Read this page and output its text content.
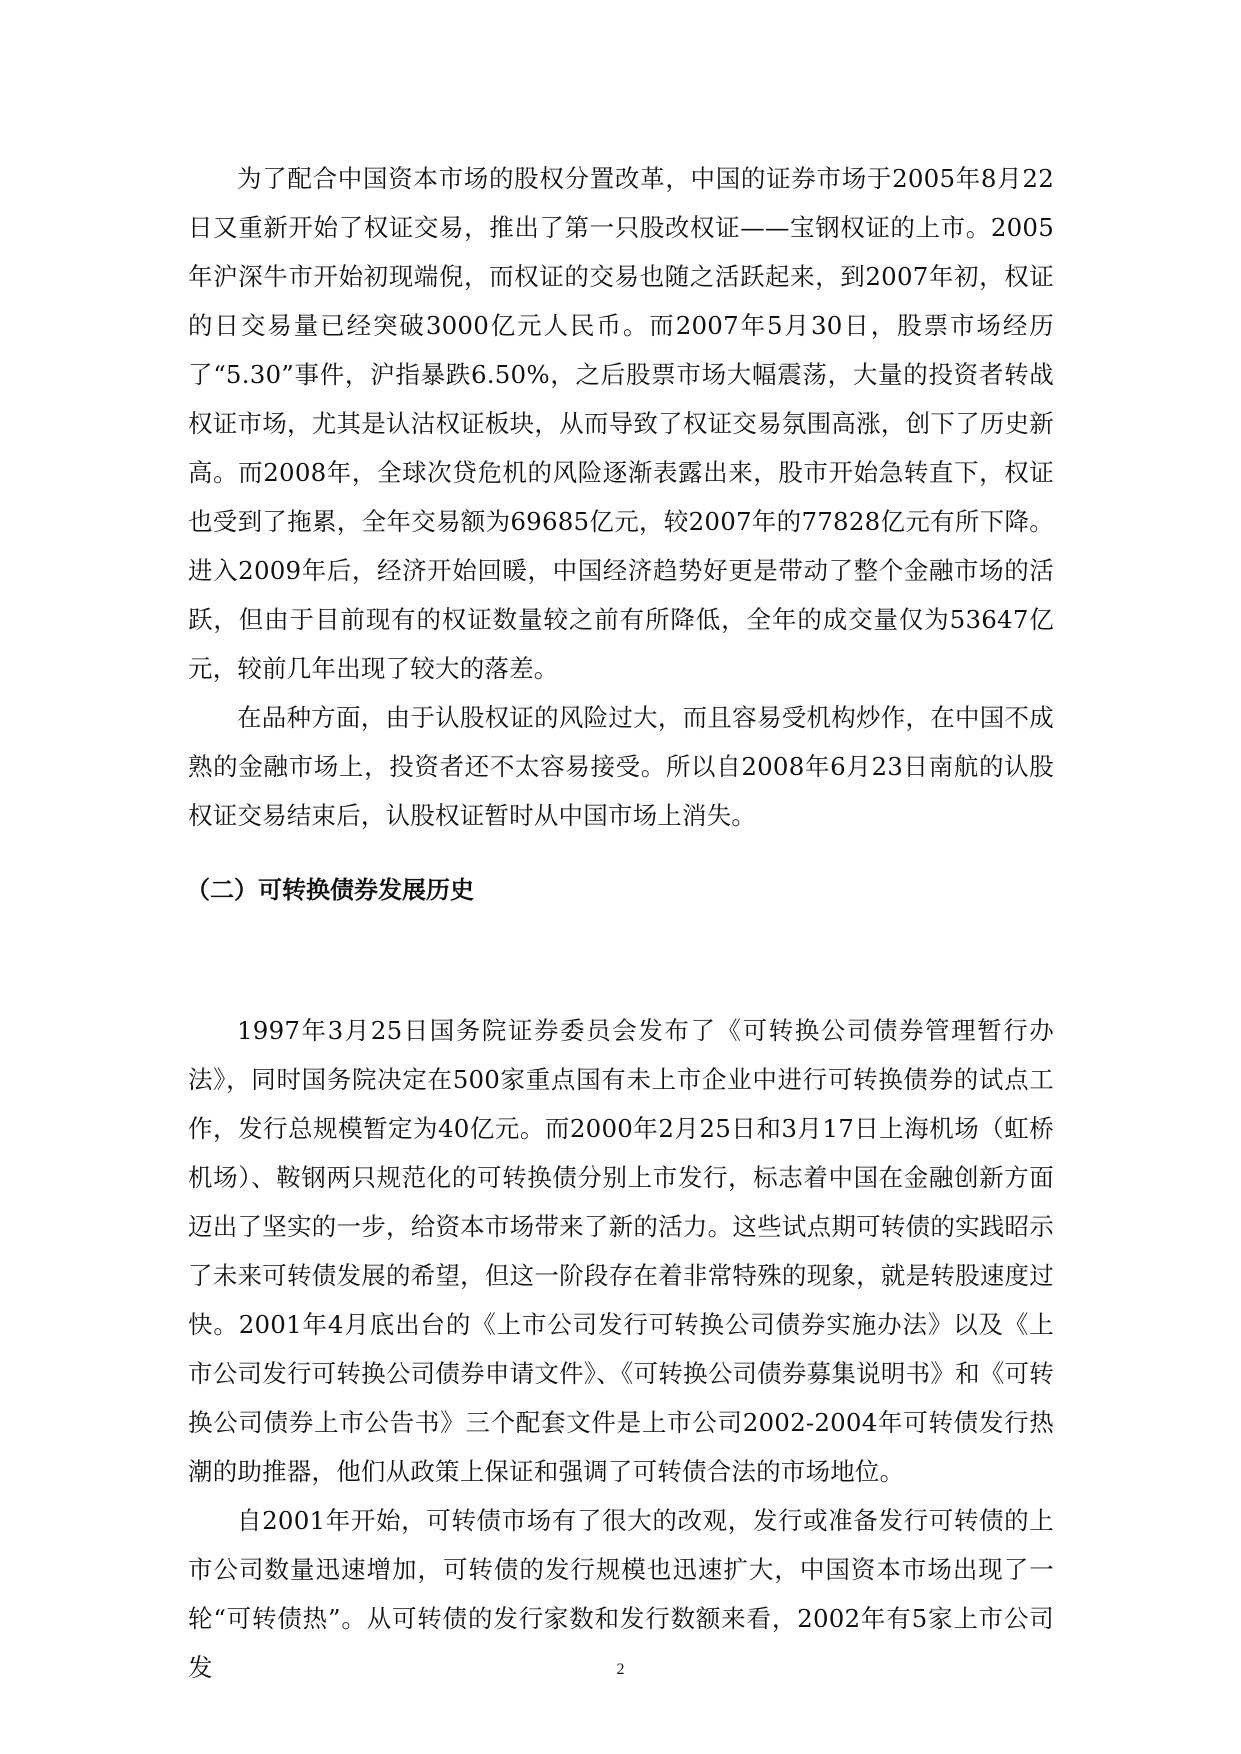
为了配合中国资本市场的股权分置改革，中国的证券市场于2005年8月22日又重新开始了权证交易，推出了第一只股改权证——宝钢权证的上市。2005年沪深牛市开始初现端倪，而权证的交易也随之活跃起来，到2007年初，权证的日交易量已经突破3000亿元人民币。而2007年5月30日，股票市场经历了“5.30”事件，沪指暴跌6.50%，之后股票市场大幅震荡，大量的投资者转战权证市场，尤其是认沽权证板块，从而导致了权证交易氛围高涨，创下了历史新高。而2008年，全球次贷危机的风险逐渐表露出来，股市开始急转直下，权证也受到了拖累，全年交易额为69685亿元，较2007年的77828亿元有所下降。进入2009年后，经济开始回暖，中国经济趋势好更是带动了整个金融市场的活跃，但由于目前现有的权证数量较之前有所降低，全年的成交量仅为53647亿元，较前几年出现了较大的落差。

在品种方面，由于认股权证的风险过大，而且容易受机构炒作，在中国不成熟的金融市场上，投资者还不太容易接受。所以自2008年6月23日南航的认股权证交易结束后，认股权证暂时从中国市场上消失。

（二）可转换债券发展历史

1997年3月25日国务院证券委员会发布了《可转换公司债券管理暂行办法》，同时国务院决定在500家重点国有未上市企业中进行可转换债券的试点工作，发行总规模暂定为40亿元。而2000年2月25日和3月17日上海机场（虹桥机场）、鞍钢两只规范化的可转换债分别上市发行，标志着中国在金融创新方面迈出了坚实的一步，给资本市场带来了新的活力。这些试点期可转债的实践昭示了未来可转债发展的希望，但这一阶段存在着非常特殊的现象，就是转股速度过快。2001年4月底出台的《上市公司发行可转换公司债券实施办法》以及《上市公司发行可转换公司债券申请文件》、《可转换公司债券募集说明书》和《可转换公司债券上市公告书》三个配套文件是上市公司2002-2004年可转债发行热潮的助推器，他们从政策上保证和强调了可转债合法的市场地位。

自2001年开始，可转债市场有了很大的改观，发行或准备发行可转债的上市公司数量迅速增加，可转债的发行规模也迅速扩大，中国资本市场出现了一轮“可转债热”。从可转债的发行家数和发行数额来看，2002年有5家上市公司发	2
